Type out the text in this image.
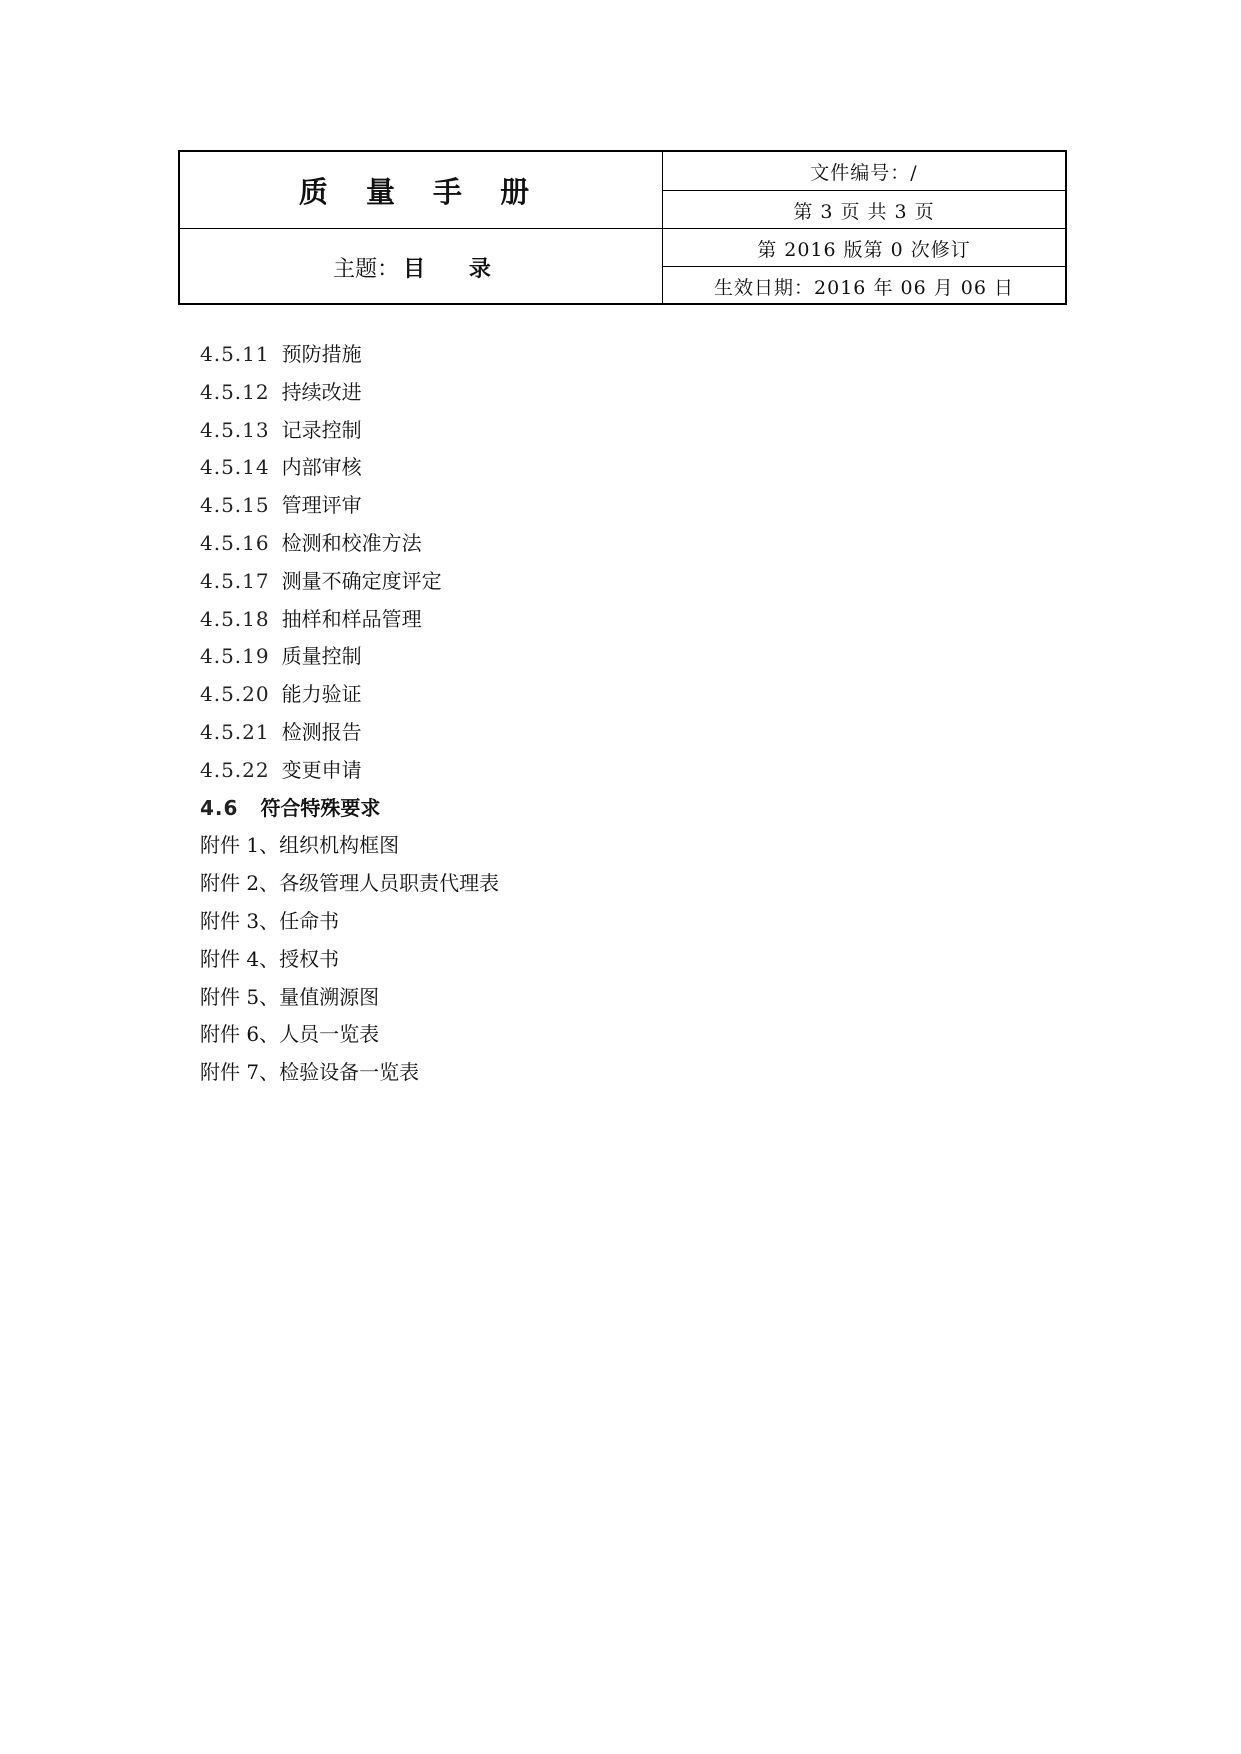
质 量 手 册
主题： 目 录
文件编号：/
第 3 页 共 3 页
第 2016 版第 0 次修订
生效日期：2016 年 06 月 06 日
4.5.11 预防措施
4.5.12 持续改进
4.5.13 记录控制
4.5.14 内部审核
4.5.15 管理评审
4.5.16 检测和校准方法
4.5.17 测量不确定度评定
4.5.18 抽样和样品管理
4.5.19 质量控制
4.5.20 能力验证
4.5.21 检测报告
4.5.22 变更申请
4.6 符合特殊要求
附件 1、组织机构框图
附件 2、各级管理人员职责代理表
附件 3、任命书
附件 4、授权书
附件 5、量值溯源图
附件 6、人员一览表
附件 7、检验设备一览表
